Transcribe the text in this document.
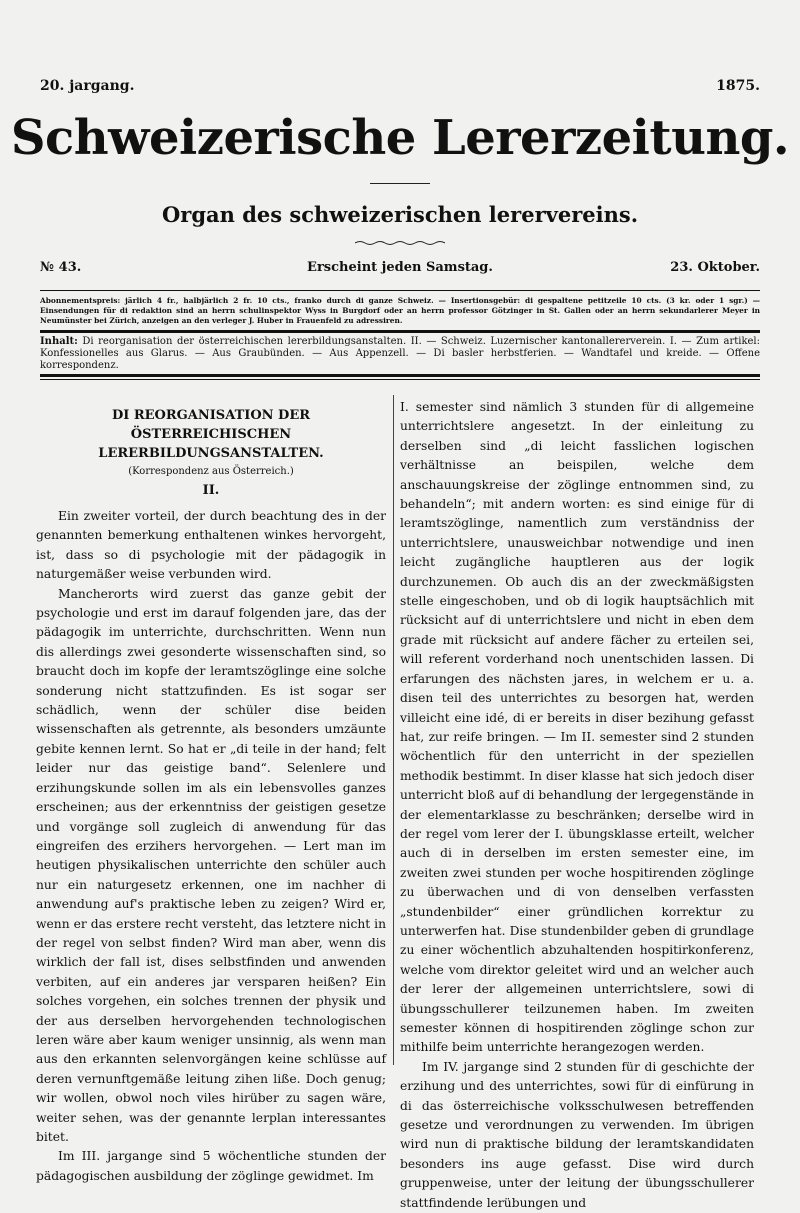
20. jargang.	1875.
Schweizerische Lererzeitung.
Organ des schweizerischen lerervereins.
Erscheint jeden Samstag.
№ 43.	23. Oktober.
Abonnementspreis: järlich 4 fr., halbjärlich 2 fr. 10 cts., franko durch di ganze Schweiz. — Insertionsgebür: di gespaltene petitzeile 10 cts. (3 kr. oder 1 sgr.) — Einsendungen für di redaktion sind an herrn schulinspektor Wyss in Burgdorf oder an herrn professor Götzinger in St. Gallen oder an herrn sekundarlerer Meyer in Neumünster bei Zürich, anzeigen an den verleger J. Huber in Frauenfeld zu adressiren.
Inhalt: Di reorganisation der österreichischen lererbildungsanstalten. II. — Schweiz. Luzernischer kantonallererverein. I. — Zum artikel: Konfessionelles aus Glarus. — Aus Graubünden. — Aus Appenzell. — Di basler herbstferien. — Wandtafel und kreide. — Offene korrespondenz.
DI REORGANISATION DER ÖSTERREICHISCHEN LERERBILDUNGSANSTALTEN.
(Korrespondenz aus Österreich.)
II.

Ein zweiter vorteil, der durch beachtung des in der genannten bemerkung enthaltenen winkes hervorgeht, ist, dass so di psychologie mit der pädagogik in naturgemäßer weise verbunden wird.

Mancherorts wird zuerst das ganze gebit der psychologie und erst im darauf folgenden jare, das der pädagogik im unterrichte, durchschritten. Wenn nun dis allerdings zwei gesonderte wissenschaften sind, so braucht doch im kopfe der leramtszöglinge eine solche sonderung nicht stattzufinden. Es ist sogar ser schädlich, wenn der schüler dise beiden wissenschaften als getrennte, als besonders umzäunte gebite kennen lernt. So hat er „di teile in der hand; felt leider nur das geistige band“. Selenlere und erzihungskunde sollen im als ein lebensvolles ganzes erscheinen; aus der erkenntniss der geistigen gesetze und vorgänge soll zugleich di anwendung für das eingreifen des erzihers hervorgehen. — Lert man im heutigen physikalischen unterrichte den schüler auch nur ein naturgesetz erkennen, one im nachher di anwendung auf's praktische leben zu zeigen? Wird er, wenn er das erstere recht versteht, das letztere nicht in der regel von selbst finden? Wird man aber, wenn dis wirklich der fall ist, dises selbstfinden und anwenden verbiten, auf ein anderes jar versparen heißen? Ein solches vorgehen, ein solches trennen der physik und der aus derselben hervorgehenden technologischen leren wäre aber kaum weniger unsinnig, als wenn man aus den erkannten selenvorgängen keine schlüsse auf deren vernunftgemäße leitung zihen liße. Doch genug; wir wollen, obwol noch viles hirüber zu sagen wäre, weiter sehen, was der genannte lerplan interessantes bitet.

Im III. jargange sind 5 wöchentliche stunden der pädagogischen ausbildung der zöglinge gewidmet. Im

I. semester sind nämlich 3 stunden für di allgemeine unterrichtslere angesetzt. In der einleitung zu derselben sind „di leicht fasslichen logischen verhältnisse an beispilen, welche dem anschauungskreise der zöglinge entnommen sind, zu behandeln“; mit andern worten: es sind einige für di leramtszöglinge, namentlich zum verständniss der unterrichtslere, unausweichbar notwendige und inen leicht zugängliche hauptleren aus der logik durchzunemen. Ob auch dis an der zweckmäßigsten stelle eingeschoben, und ob di logik hauptsächlich mit rücksicht auf di unterrichtslere und nicht in eben dem grade mit rücksicht auf andere fächer zu erteilen sei, will referent vorderhand noch unentschiden lassen. Di erfarungen des nächsten jares, in welchem er u. a. disen teil des unterrichtes zu besorgen hat, werden villeicht eine idé, di er bereits in diser bezihung gefasst hat, zur reife bringen. — Im II. semester sind 2 stunden wöchentlich für den unterricht in der speziellen methodik bestimmt. In diser klasse hat sich jedoch diser unterricht bloß auf di behandlung der lergegenstände in der elementarklasse zu beschränken; derselbe wird in der regel vom lerer der I. übungsklasse erteilt, welcher auch di in derselben im ersten semester eine, im zweiten zwei stunden per woche hospitirenden zöglinge zu überwachen und di von denselben verfassten „stundenbilder“ einer gründlichen korrektur zu unterwerfen hat. Dise stundenbilder geben di grundlage zu einer wöchentlich abzuhaltenden hospitirkonferenz, welche vom direktor geleitet wird und an welcher auch der lerer der allgemeinen unterrichtslere, sowi di übungsschullerer teilzunemen haben. Im zweiten semester können di hospitirenden zöglinge schon zur mithilfe beim unterrichte herangezogen werden.

Im IV. jargange sind 2 stunden für di geschichte der erzihung und des unterrichtes, sowi für di einfürung in di das österreichische volksschulwesen betreffenden gesetze und verordnungen zu verwenden. Im übrigen wird nun di praktische bildung der leramtskandidaten besonders ins auge gefasst. Dise wird durch gruppenweise, unter der leitung der übungsschullerer stattfindende lerübungen und
